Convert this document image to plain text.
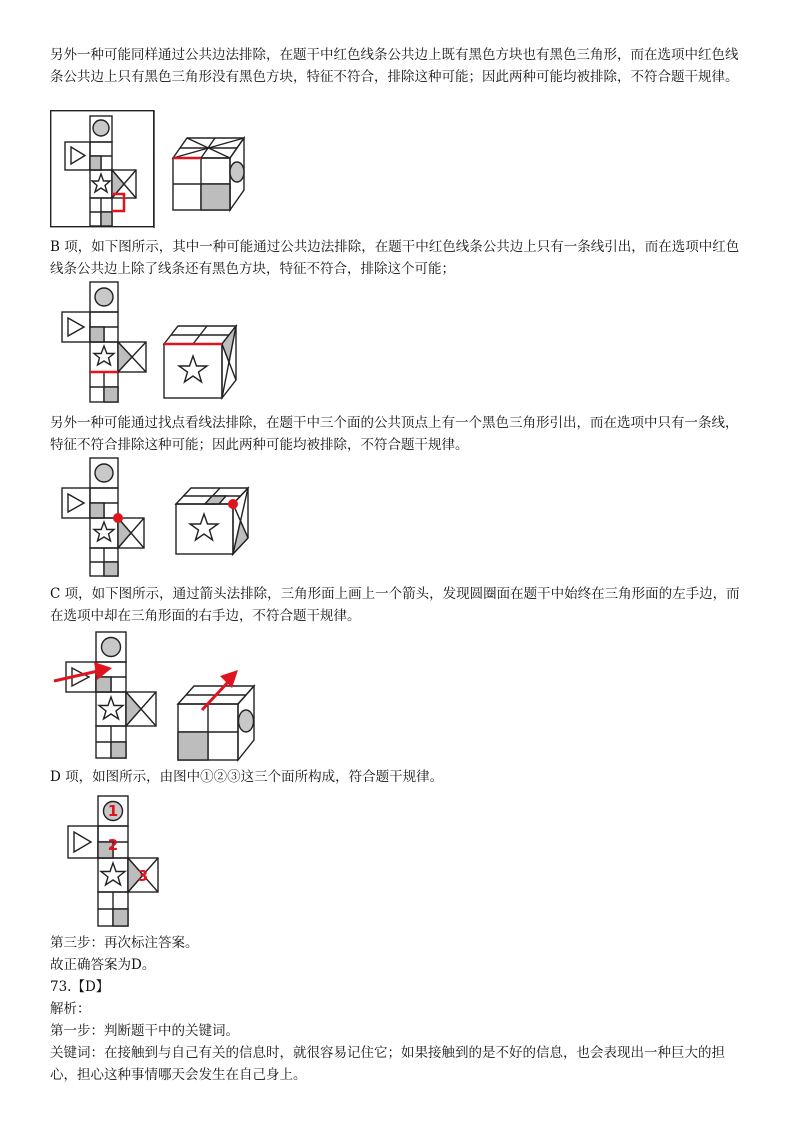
另外一种可能同样通过公共边法排除，在题干中红色线条公共边上既有黑色方块也有黑色三角形，而在选项中红色线条公共边上只有黑色三角形没有黑色方块，特征不符合，排除这种可能；因此两种可能均被排除，不符合题干规律。

B 项，如下图所示，其中一种可能通过公共边法排除，在题干中红色线条公共边上只有一条线引出，而在选项中红色线条公共边上除了线条还有黑色方块，特征不符合，排除这个可能；

另外一种可能通过找点看线法排除，在题干中三个面的公共顶点上有一个黑色三角形引出，而在选项中只有一条线，特征不符合排除这种可能；因此两种可能均被排除，不符合题干规律。

C 项，如下图所示，通过箭头法排除，三角形面上画上一个箭头，发现圆圈面在题干中始终在三角形面的左手边，而在选项中却在三角形面的右手边，不符合题干规律。

D 项，如图所示，由图中①②③这三个面所构成，符合题干规律。

1
2
3

第三步：再次标注答案。

故正确答案为D。

73.【D】

解析：

第一步：判断题干中的关键词。

关键词：在接触到与自己有关的信息时，就很容易记住它；如果接触到的是不好的信息，也会表现出一种巨大的担心，担心这种事情哪天会发生在自己身上。
